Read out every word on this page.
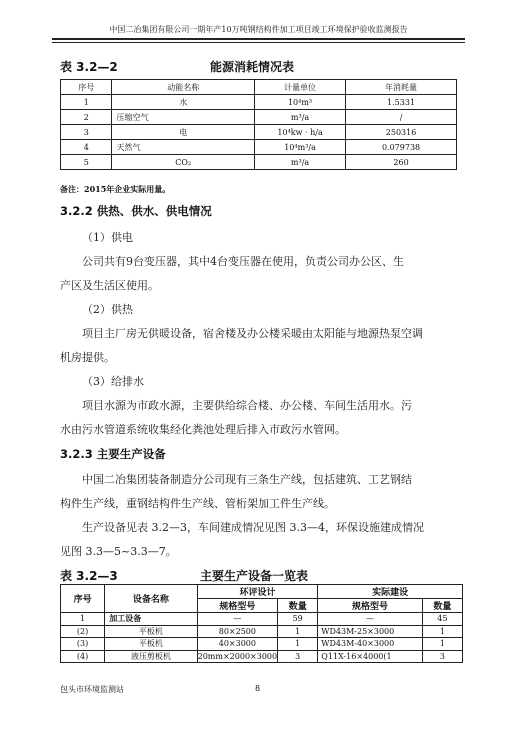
中国二冶集团有限公司一期年产10万吨钢结构件加工项目竣工环境保护验收监测报告
表 3.2—2	能源消耗情况表
序号	动能名称	计量单位	年消耗量
1	水	10⁴m³	1.5331
2	压缩空气	m³/a	/
3	电	10⁴kw · h/a	250316
4	天然气	10⁴m³/a	0.079738
5	CO₂	m³/a	260
备注：2015年企业实际用量。
3.2.2 供热、供水、供电情况
（1）供电
公司共有9台变压器，其中4台变压器在使用，负责公司办公区、生
产区及生活区使用。
（2）供热
项目主厂房无供暖设备，宿舍楼及办公楼采暖由太阳能与地源热泵空调
机房提供。
（3）给排水
项目水源为市政水源，主要供给综合楼、办公楼、车间生活用水。污
水由污水管道系统收集经化粪池处理后排入市政污水管网。
3.2.3 主要生产设备
中国二冶集团装备制造分公司现有三条生产线，包括建筑、工艺钢结
构件生产线，重钢结构件生产线、管桁架加工件生产线。
生产设备见表 3.2—3，车间建成情况见图 3.3—4，环保设施建成情况
见图 3.3—5~3.3—7。
表 3.2—3	主要生产设备一览表
序号	设备名称	环评设计		实际建设	
		规格型号	数量	规格型号	数量
1	加工设备	—	59	—	45
(2)	平板机	80×2500	1	WD43M-25×3000	1
(3)	平板机	40×3000	1	WD43M-40×3000	1
(4)	液压剪板机	20mm×2000×3000	3	Q11X-16×4000(1	3
包头市环境监测站	8
